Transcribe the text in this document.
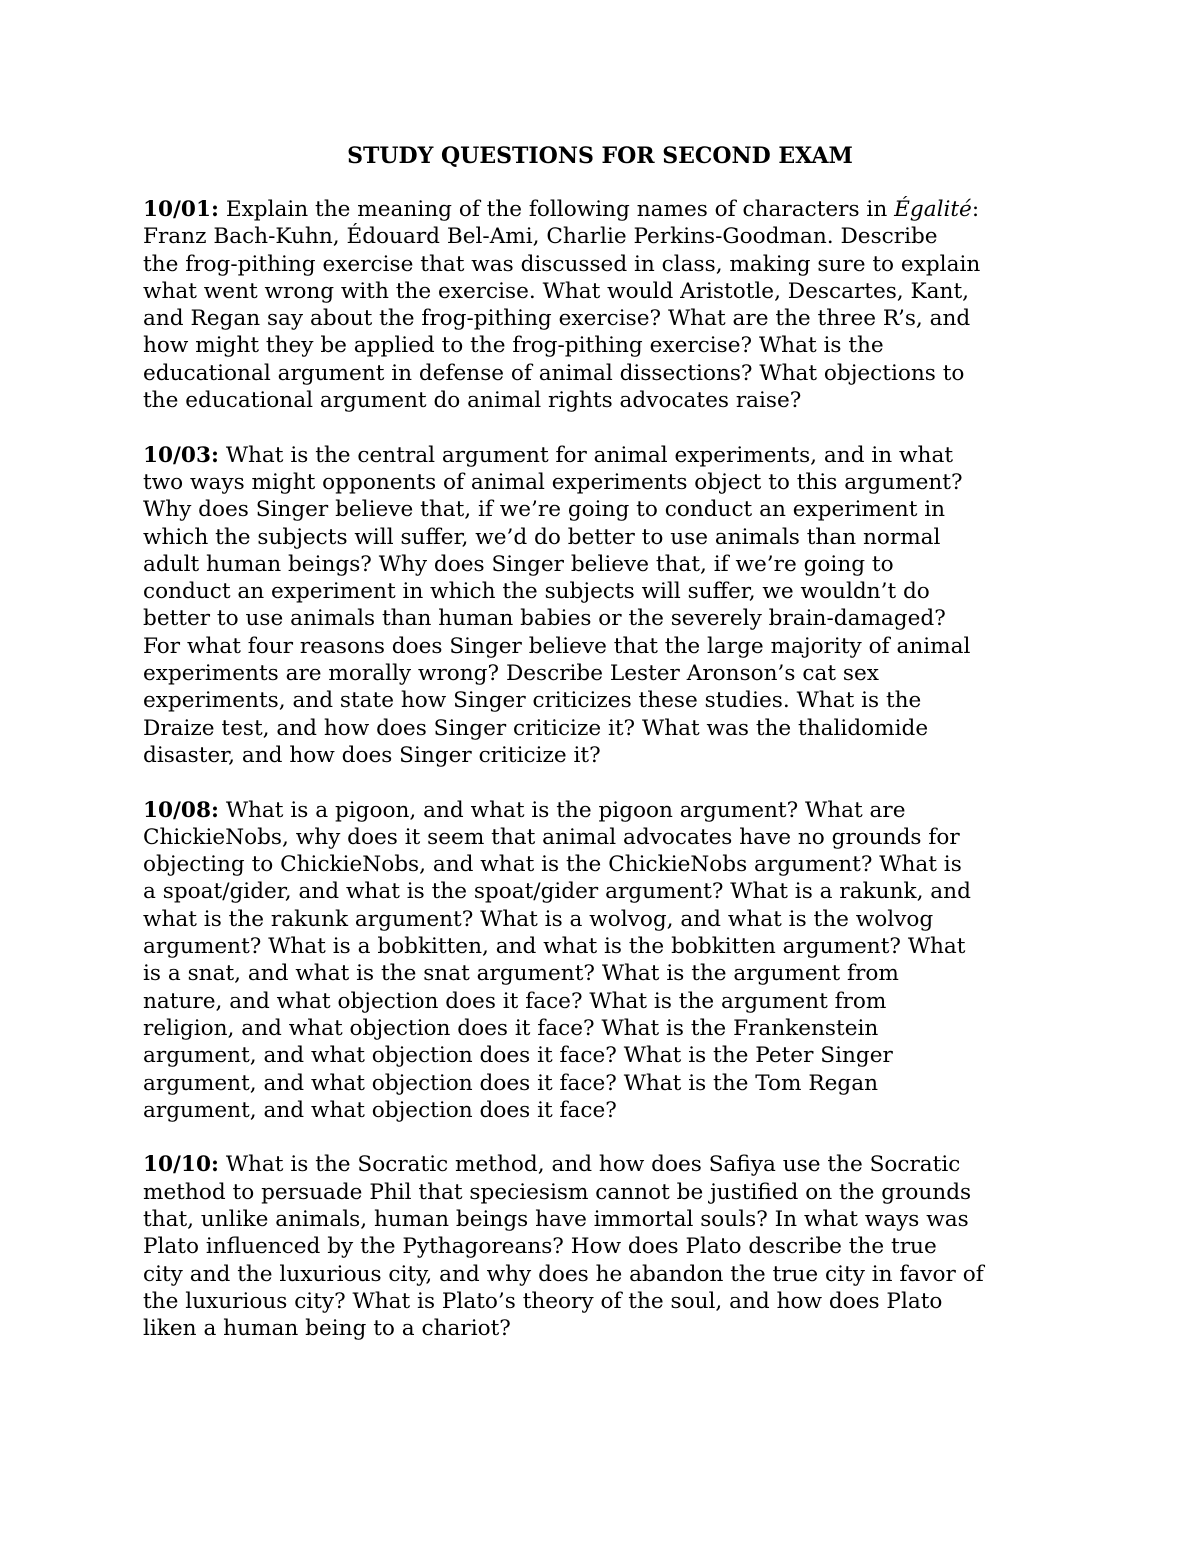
STUDY QUESTIONS FOR SECOND EXAM
10/01: Explain the meaning of the following names of characters in Égalité:
Franz Bach-Kuhn, Édouard Bel-Ami, Charlie Perkins-Goodman. Describe
the frog-pithing exercise that was discussed in class, making sure to explain
what went wrong with the exercise. What would Aristotle, Descartes, Kant,
and Regan say about the frog-pithing exercise? What are the three R’s, and
how might they be applied to the frog-pithing exercise? What is the
educational argument in defense of animal dissections? What objections to
the educational argument do animal rights advocates raise?
10/03: What is the central argument for animal experiments, and in what
two ways might opponents of animal experiments object to this argument?
Why does Singer believe that, if we’re going to conduct an experiment in
which the subjects will suffer, we’d do better to use animals than normal
adult human beings? Why does Singer believe that, if we’re going to
conduct an experiment in which the subjects will suffer, we wouldn’t do
better to use animals than human babies or the severely brain-damaged?
For what four reasons does Singer believe that the large majority of animal
experiments are morally wrong? Describe Lester Aronson’s cat sex
experiments, and state how Singer criticizes these studies. What is the
Draize test, and how does Singer criticize it? What was the thalidomide
disaster, and how does Singer criticize it?
10/08: What is a pigoon, and what is the pigoon argument? What are
ChickieNobs, why does it seem that animal advocates have no grounds for
objecting to ChickieNobs, and what is the ChickieNobs argument? What is
a spoat/gider, and what is the spoat/gider argument? What is a rakunk, and
what is the rakunk argument? What is a wolvog, and what is the wolvog
argument? What is a bobkitten, and what is the bobkitten argument? What
is a snat, and what is the snat argument? What is the argument from
nature, and what objection does it face? What is the argument from
religion, and what objection does it face? What is the Frankenstein
argument, and what objection does it face? What is the Peter Singer
argument, and what objection does it face? What is the Tom Regan
argument, and what objection does it face?
10/10: What is the Socratic method, and how does Safiya use the Socratic
method to persuade Phil that speciesism cannot be justified on the grounds
that, unlike animals, human beings have immortal souls? In what ways was
Plato influenced by the Pythagoreans? How does Plato describe the true
city and the luxurious city, and why does he abandon the true city in favor of
the luxurious city? What is Plato’s theory of the soul, and how does Plato
liken a human being to a chariot?
